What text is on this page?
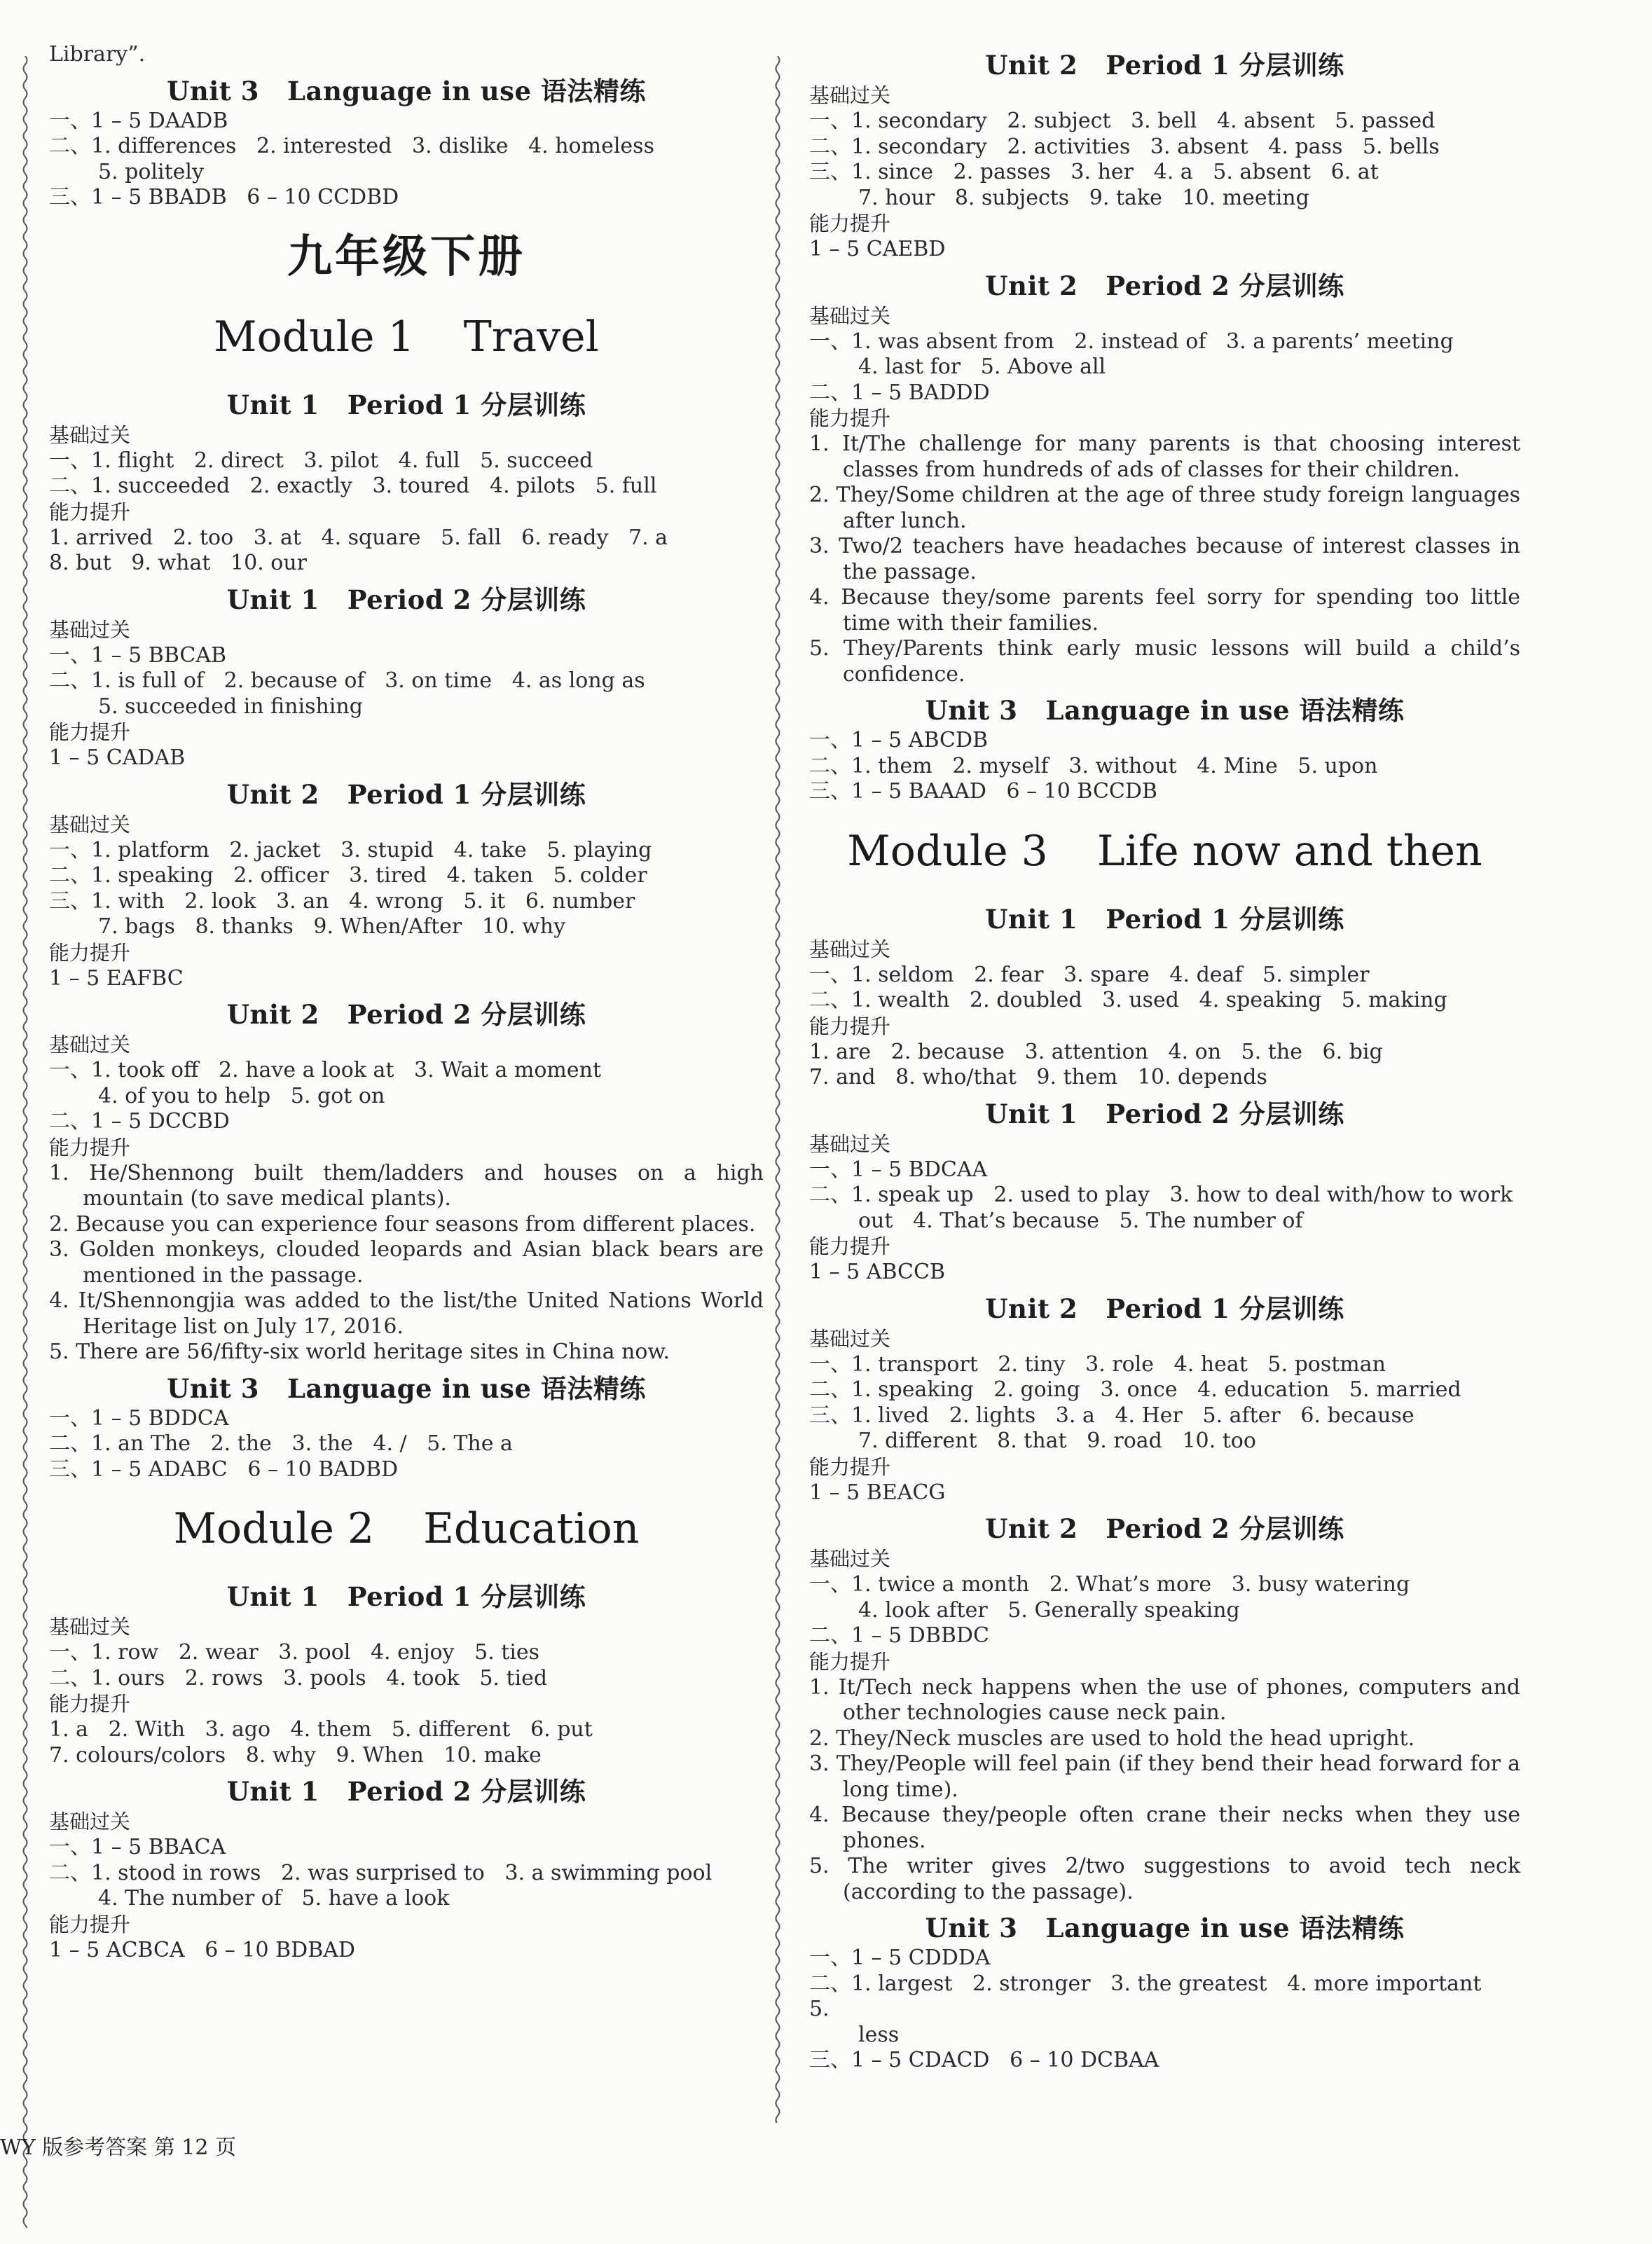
Library”.
Unit 3 Language in use 语法精练
一、1 – 5 DAADB
二、1. differences   2. interested   3. dislike   4. homeless
5. politely
三、1 – 5 BBADB   6 – 10 CCDBD
九年级下册
Module 1 Travel
Unit 1 Period 1 分层训练
基础过关
一、1. flight   2. direct   3. pilot   4. full   5. succeed
二、1. succeeded   2. exactly   3. toured   4. pilots   5. full
能力提升
1. arrived   2. too   3. at   4. square   5. fall   6. ready   7. a
8. but   9. what   10. our
Unit 1 Period 2 分层训练
基础过关
一、1 – 5 BBCAB
二、1. is full of   2. because of   3. on time   4. as long as
5. succeeded in finishing
能力提升
1 – 5 CADAB
Unit 2 Period 1 分层训练
基础过关
一、1. platform   2. jacket   3. stupid   4. take   5. playing
二、1. speaking   2. officer   3. tired   4. taken   5. colder
三、1. with   2. look   3. an   4. wrong   5. it   6. number
7. bags   8. thanks   9. When/After   10. why
能力提升
1 – 5 EAFBC
Unit 2 Period 2 分层训练
基础过关
一、1. took off   2. have a look at   3. Wait a moment
4. of you to help   5. got on
二、1 – 5 DCCBD
能力提升
1. He/Shennong built them/ladders and houses on a high mountain (to save medical plants).
2. Because you can experience four seasons from different places.
3. Golden monkeys, clouded leopards and Asian black bears are mentioned in the passage.
4. It/Shennongjia was added to the list/the United Nations World Heritage list on July 17, 2016.
5. There are 56/fifty-six world heritage sites in China now.
Unit 3 Language in use 语法精练
一、1 – 5 BDDCA
二、1. an The   2. the   3. the   4. /   5. The a
三、1 – 5 ADABC   6 – 10 BADBD
Module 2 Education
Unit 1 Period 1 分层训练
基础过关
一、1. row   2. wear   3. pool   4. enjoy   5. ties
二、1. ours   2. rows   3. pools   4. took   5. tied
能力提升
1. a   2. With   3. ago   4. them   5. different   6. put
7. colours/colors   8. why   9. When   10. make
Unit 1 Period 2 分层训练
基础过关
一、1 – 5 BBACA
二、1. stood in rows   2. was surprised to   3. a swimming pool
4. The number of   5. have a look
能力提升
1 – 5 ACBCA   6 – 10 BDBAD
Unit 2 Period 1 分层训练
基础过关
一、1. secondary   2. subject   3. bell   4. absent   5. passed
二、1. secondary   2. activities   3. absent   4. pass   5. bells
三、1. since   2. passes   3. her   4. a   5. absent   6. at
7. hour   8. subjects   9. take   10. meeting
能力提升
1 – 5 CAEBD
Unit 2 Period 2 分层训练
基础过关
一、1. was absent from   2. instead of   3. a parents’ meeting
4. last for   5. Above all
二、1 – 5 BADDD
能力提升
1. It/The challenge for many parents is that choosing interest classes from hundreds of ads of classes for their children.
2. They/Some children at the age of three study foreign languages after lunch.
3. Two/2 teachers have headaches because of interest classes in the passage.
4. Because they/some parents feel sorry for spending too little time with their families.
5. They/Parents think early music lessons will build a child’s confidence.
Unit 3 Language in use 语法精练
一、1 – 5 ABCDB
二、1. them   2. myself   3. without   4. Mine   5. upon
三、1 – 5 BAAAD   6 – 10 BCCDB
Module 3 Life now and then
Unit 1 Period 1 分层训练
基础过关
一、1. seldom   2. fear   3. spare   4. deaf   5. simpler
二、1. wealth   2. doubled   3. used   4. speaking   5. making
能力提升
1. are   2. because   3. attention   4. on   5. the   6. big
7. and   8. who/that   9. them   10. depends
Unit 1 Period 2 分层训练
基础过关
一、1 – 5 BDCAA
二、1. speak up   2. used to play   3. how to deal with/how to work
out   4. That’s because   5. The number of
能力提升
1 – 5 ABCCB
Unit 2 Period 1 分层训练
基础过关
一、1. transport   2. tiny   3. role   4. heat   5. postman
二、1. speaking   2. going   3. once   4. education   5. married
三、1. lived   2. lights   3. a   4. Her   5. after   6. because
7. different   8. that   9. road   10. too
能力提升
1 – 5 BEACG
Unit 2 Period 2 分层训练
基础过关
一、1. twice a month   2. What’s more   3. busy watering
4. look after   5. Generally speaking
二、1 – 5 DBBDC
能力提升
1. It/Tech neck happens when the use of phones, computers and other technologies cause neck pain.
2. They/Neck muscles are used to hold the head upright.
3. They/People will feel pain (if they bend their head forward for a long time).
4. Because they/people often crane their necks when they use phones.
5. The writer gives 2/two suggestions to avoid tech neck (according to the passage).
Unit 3 Language in use 语法精练
一、1 – 5 CDDDA
二、1. largest   2. stronger   3. the greatest   4. more important   5.
less
三、1 – 5 CDACD   6 – 10 DCBAA
WY 版参考答案 第 12 页
